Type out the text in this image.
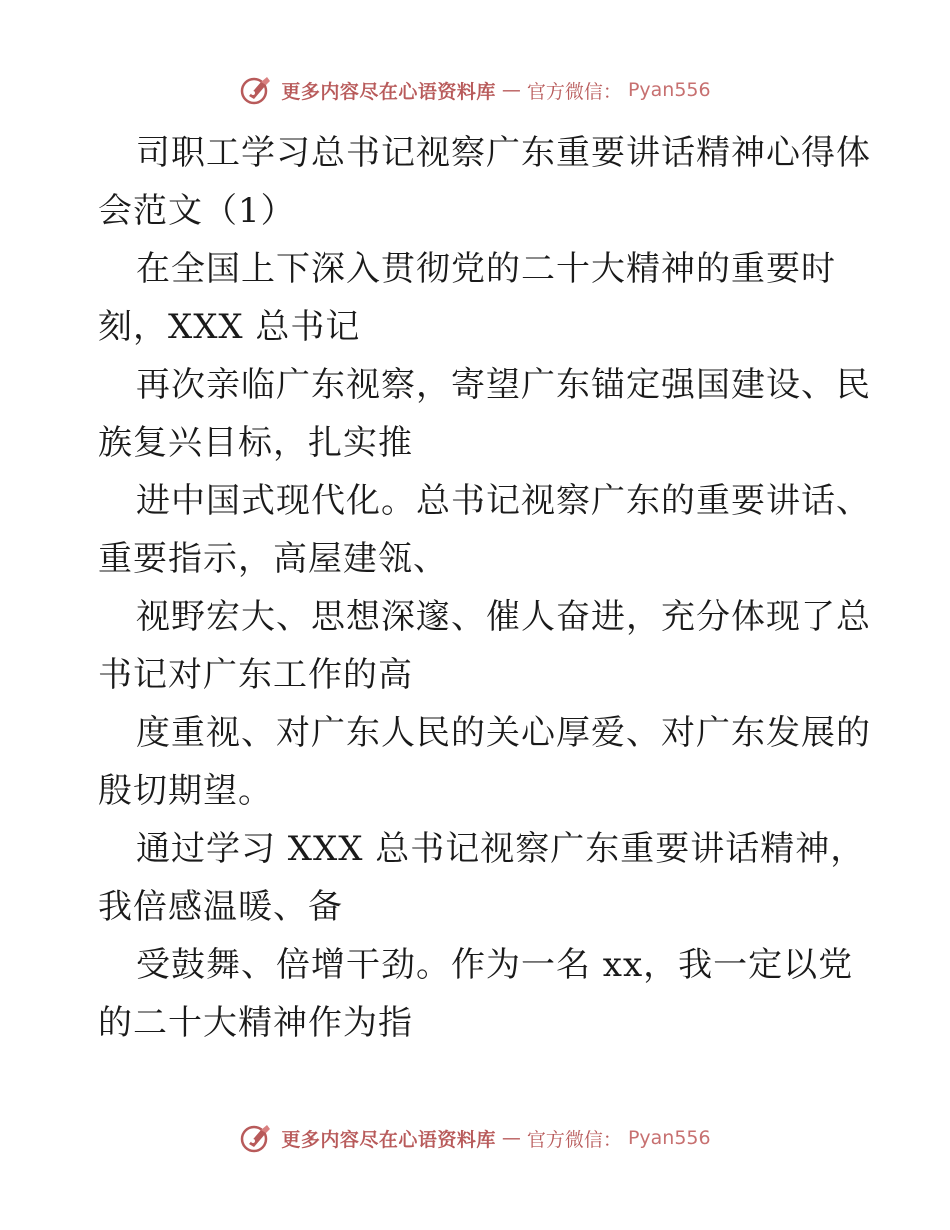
更多内容尽在心语资料库 — 官方微信： Pyan556
司职工学习总书记视察广东重要讲话精神心得体
会范文（1）
在全国上下深入贯彻党的二十大精神的重要时
刻，XXX 总书记
再次亲临广东视察，寄望广东锚定强国建设、民
族复兴目标，扎实推
进中国式现代化。总书记视察广东的重要讲话、
重要指示，高屋建瓴、
视野宏大、思想深邃、催人奋进，充分体现了总
书记对广东工作的高
度重视、对广东人民的关心厚爱、对广东发展的
殷切期望。
通过学习 XXX 总书记视察广东重要讲话精神，
我倍感温暖、备
受鼓舞、倍增干劲。作为一名 xx，我一定以党
的二十大精神作为指
更多内容尽在心语资料库 — 官方微信： Pyan556
